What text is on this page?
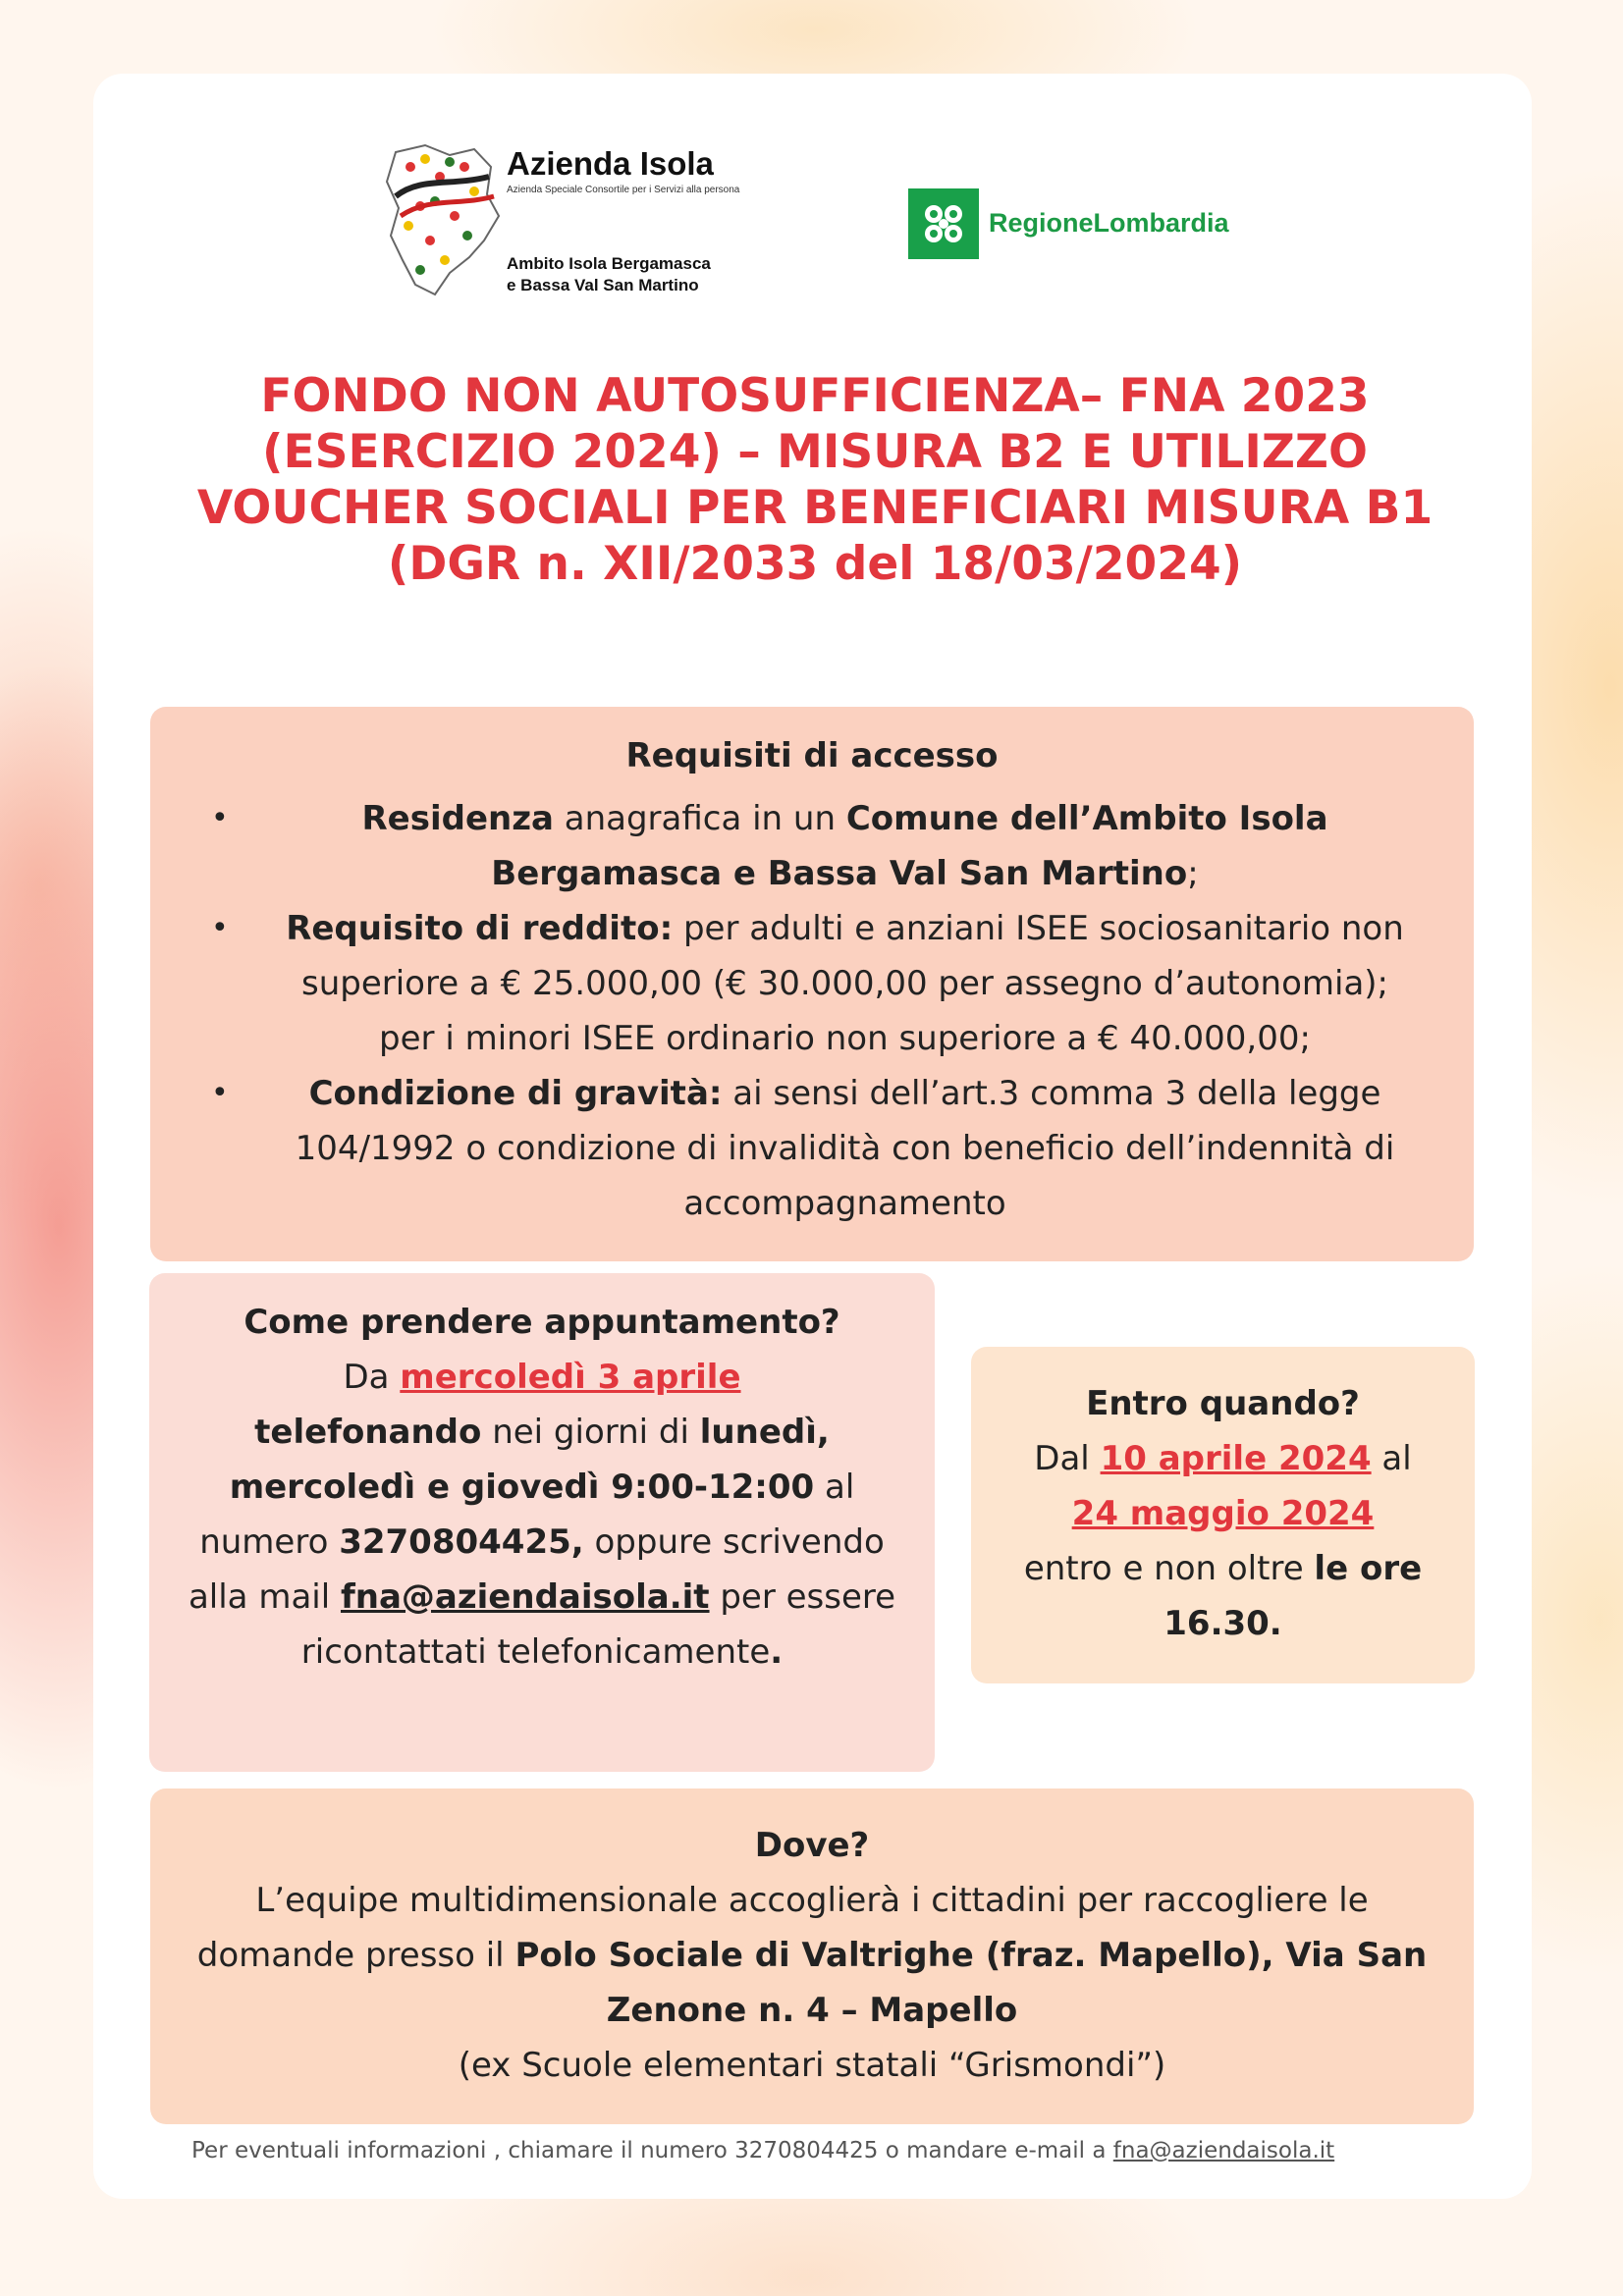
Azienda Isola
Azienda Speciale Consortile per i Servizi alla persona
Ambito Isola Bergamasca
e Bassa Val San Martino
RegioneLombardia
FONDO NON AUTOSUFFICIENZA– FNA 2023
(ESERCIZIO 2024) – MISURA B2 E UTILIZZO
VOUCHER SOCIALI PER BENEFICIARI MISURA B1
(DGR n. XII/2033 del 18/03/2024)
Requisiti di accesso
•	Residenza anagrafica in un Comune dell’Ambito Isola Bergamasca e Bassa Val San Martino;
• Requisito di reddito: per adulti e anziani ISEE sociosanitario non superiore a € 25.000,00 (€ 30.000,00 per assegno d’autonomia); per i minori ISEE ordinario non superiore a € 40.000,00;
• Condizione di gravità: ai sensi dell’art.3 comma 3 della legge 104/1992 o condizione di invalidità con beneficio dell’indennità di accompagnamento
Come prendere appuntamento?
Da mercoledì 3 aprile
telefonando nei giorni di lunedì, mercoledì e giovedì 9:00-12:00 al numero 3270804425, oppure scrivendo alla mail fna@aziendaisola.it per essere ricontattati telefonicamente.
Entro quando?
Dal 10 aprile 2024 al
24 maggio 2024
entro e non oltre le ore 16.30.
Dove?
L’equipe multidimensionale accoglierà i cittadini per raccogliere le domande presso il Polo Sociale di Valtrighe (fraz. Mapello), Via San Zenone n. 4 – Mapello
(ex Scuole elementari statali “Grismondi”)
Per eventuali informazioni , chiamare il numero 3270804425 o mandare e-mail a fna@aziendaisola.it
